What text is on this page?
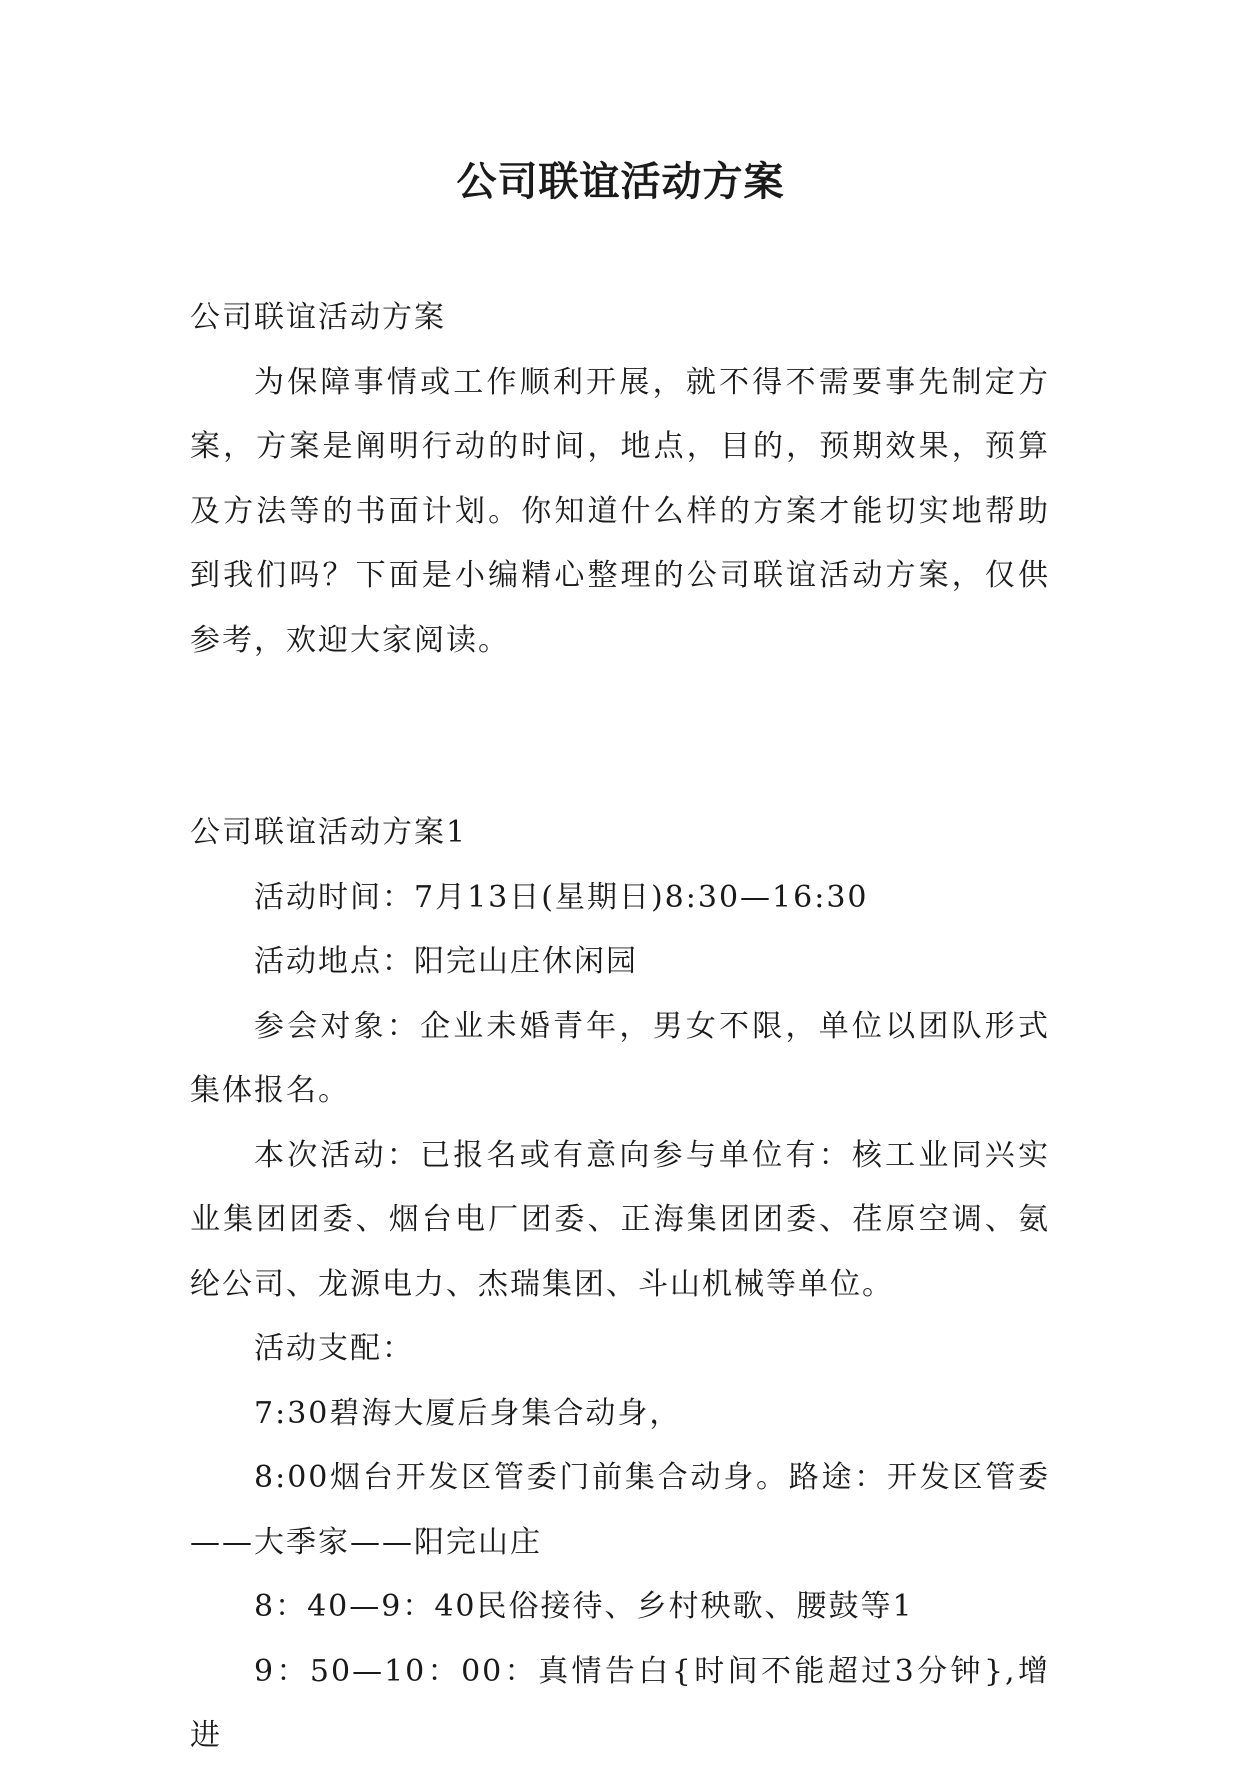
公司联谊活动方案

公司联谊活动方案

为保障事情或工作顺利开展，就不得不需要事先制定方案，方案是阐明行动的时间，地点，目的，预期效果，预算及方法等的书面计划。你知道什么样的方案才能切实地帮助到我们吗？下面是小编精心整理的公司联谊活动方案，仅供参考，欢迎大家阅读。

公司联谊活动方案1

活动时间：7月13日(星期日)8:30—16:30

活动地点：阳完山庄休闲园

参会对象：企业未婚青年，男女不限，单位以团队形式集体报名。

本次活动：已报名或有意向参与单位有：核工业同兴实业集团团委、烟台电厂团委、正海集团团委、荏原空调、氨纶公司、龙源电力、杰瑞集团、斗山机械等单位。

活动支配：

7:30碧海大厦后身集合动身，

8:00烟台开发区管委门前集合动身。路途：开发区管委——大季家——阳完山庄

8：40—9：40民俗接待、乡村秧歌、腰鼓等1

9：50—10：00：真情告白{时间不能超过3分钟},增进
